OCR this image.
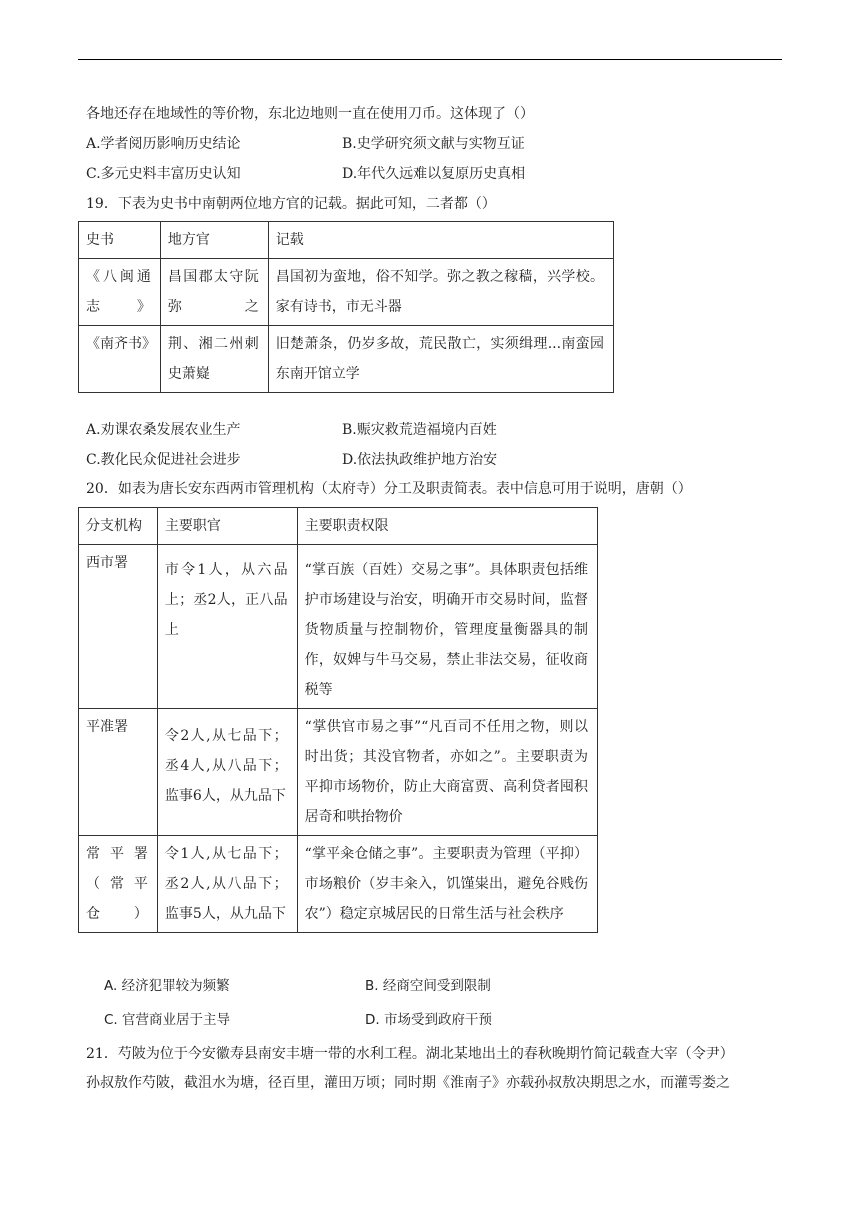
各地还存在地域性的等价物，东北边地则一直在使用刀币。这体现了（）
A.学者阅历影响历史结论	B.史学研究须文献与实物互证
C.多元史料丰富历史认知	D.年代久远难以复原历史真相
19．下表为史书中南朝两位地方官的记载。据此可知，二者都（）
史书	地方官	记载
《八闽通志》	昌国郡太守阮弥之	昌国初为蛮地，俗不知学。弥之教之稼穑，兴学校。家有诗书，市无斗器
《南齐书》	荆、湘二州刺史萧嶷	旧楚萧条，仍岁多故，荒民散亡，实须缉理...南蛮园东南开馆立学
A.劝课农桑发展农业生产	B.赈灾救荒造福境内百姓
C.教化民众促进社会进步	D.依法执政维护地方治安
20．如表为唐长安东西两市管理机构（太府寺）分工及职责简表。表中信息可用于说明，唐朝（）
分支机构	主要职官	主要职责权限
西市署	市令1人，从六品上；丞2人，正八品上	“掌百族（百姓）交易之事”。具体职责包括维护市场建设与治安，明确开市交易时间，监督货物质量与控制物价，管理度量衡器具的制作，奴婢与牛马交易，禁止非法交易，征收商税等
平准署	令2人,从七品下；丞4人,从八品下；监事6人，从九品下	“掌供官市易之事”“凡百司不任用之物，则以时出货；其没官物者，亦如之”。主要职责为平抑市场物价，防止大商富贾、高利贷者囤积居奇和哄抬物价
常平署（常平仓）	令1人,从七品下；丞2人,从八品下；监事5人，从九品下	“掌平籴仓储之事”。主要职责为管理（平抑）市场粮价（岁丰籴入，饥馑粜出，避免谷贱伤农”）稳定京城居民的日常生活与社会秩序
A. 经济犯罪较为频繁	B. 经商空间受到限制
C. 官营商业居于主导	D. 市场受到政府干预
21．芍陂为位于今安徽寿县南安丰塘一带的水利工程。湖北某地出土的春秋晚期竹简记载查大宰（令尹）
孙叔敖作芍陂，截沮水为塘，径百里，灌田万顷；同时期《淮南子》亦载孙叔敖决期思之水，而灌雩娄之
